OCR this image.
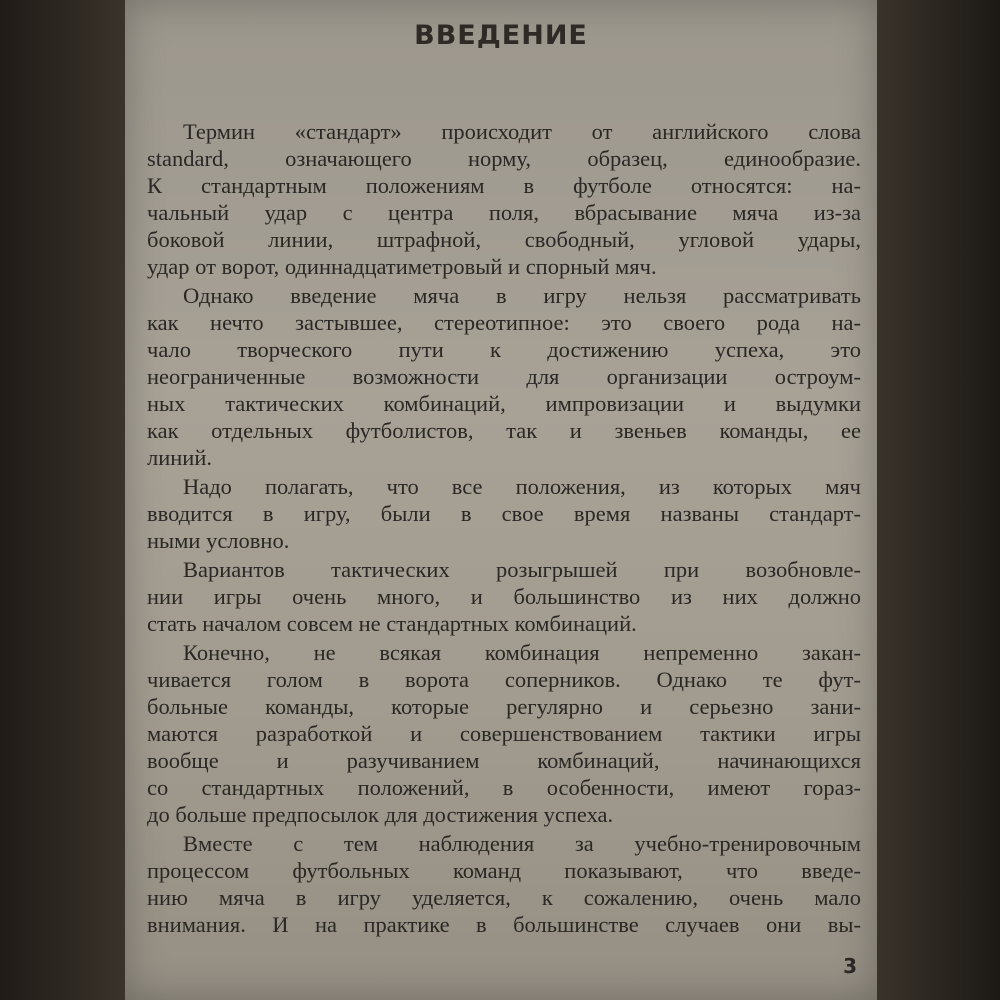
ВВЕДЕНИЕ
Термин «стандарт» происходит от английского слова
standard, означающего норму, образец, единообразие.
К стандартным положениям в футболе относятся: на-
чальный удар с центра поля, вбрасывание мяча из-за
боковой линии, штрафной, свободный, угловой удары,
удар от ворот, одиннадцатиметровый и спорный мяч.
Однако введение мяча в игру нельзя рассматривать
как нечто застывшее, стереотипное: это своего рода на-
чало творческого пути к достижению успеха, это
неограниченные возможности для организации остроум-
ных тактических комбинаций, импровизации и выдумки
как отдельных футболистов, так и звеньев команды, ее
линий.
Надо полагать, что все положения, из которых мяч
вводится в игру, были в свое время названы стандарт-
ными условно.
Вариантов тактических розыгрышей при возобновле-
нии игры очень много, и большинство из них должно
стать началом совсем не стандартных комбинаций.
Конечно, не всякая комбинация непременно закан-
чивается голом в ворота соперников. Однако те фут-
больные команды, которые регулярно и серьезно зани-
маются разработкой и совершенствованием тактики игры
вообще и разучиванием комбинаций, начинающихся
со стандартных положений, в особенности, имеют гораз-
до больше предпосылок для достижения успеха.
Вместе с тем наблюдения за учебно-тренировочным
процессом футбольных команд показывают, что введе-
нию мяча в игру уделяется, к сожалению, очень мало
внимания. И на практике в большинстве случаев они вы-
3
